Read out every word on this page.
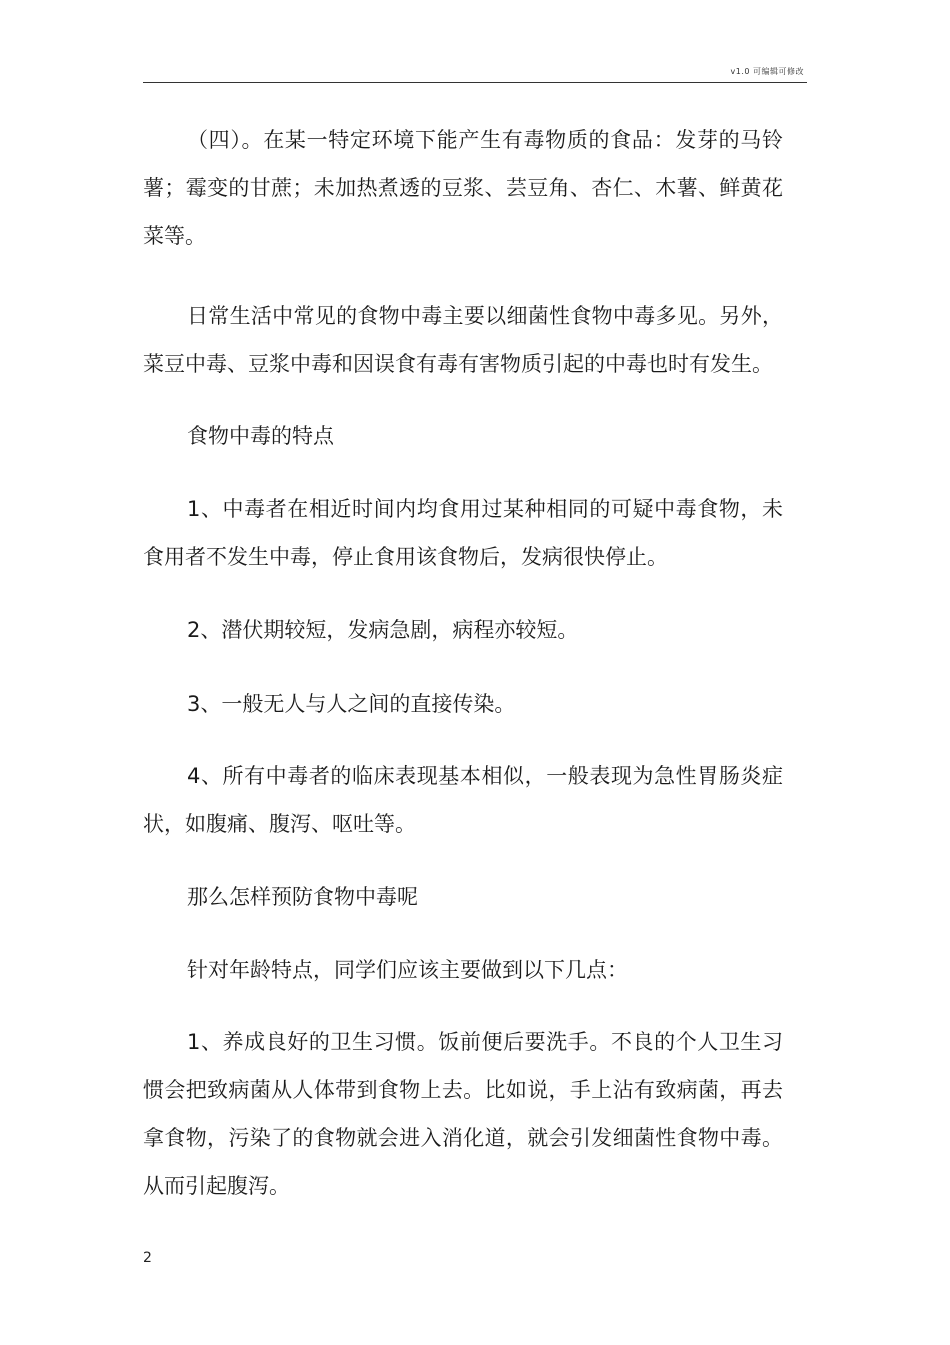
v1.0 可编辑可修改

（四）。在某一特定环境下能产生有毒物质的食品：发芽的马铃薯；霉变的甘蔗；未加热煮透的豆浆、芸豆角、杏仁、木薯、鲜黄花菜等。

日常生活中常见的食物中毒主要以细菌性食物中毒多见。另外，菜豆中毒、豆浆中毒和因误食有毒有害物质引起的中毒也时有发生。

食物中毒的特点

1、中毒者在相近时间内均食用过某种相同的可疑中毒食物，未食用者不发生中毒，停止食用该食物后，发病很快停止。

2、潜伏期较短，发病急剧，病程亦较短。

3、一般无人与人之间的直接传染。

4、所有中毒者的临床表现基本相似，一般表现为急性胃肠炎症状，如腹痛、腹泻、呕吐等。

那么怎样预防食物中毒呢

针对年龄特点，同学们应该主要做到以下几点：

1、养成良好的卫生习惯。饭前便后要洗手。不良的个人卫生习惯会把致病菌从人体带到食物上去。比如说，手上沾有致病菌，再去拿食物，污染了的食物就会进入消化道，就会引发细菌性食物中毒。从而引起腹泻。

2
